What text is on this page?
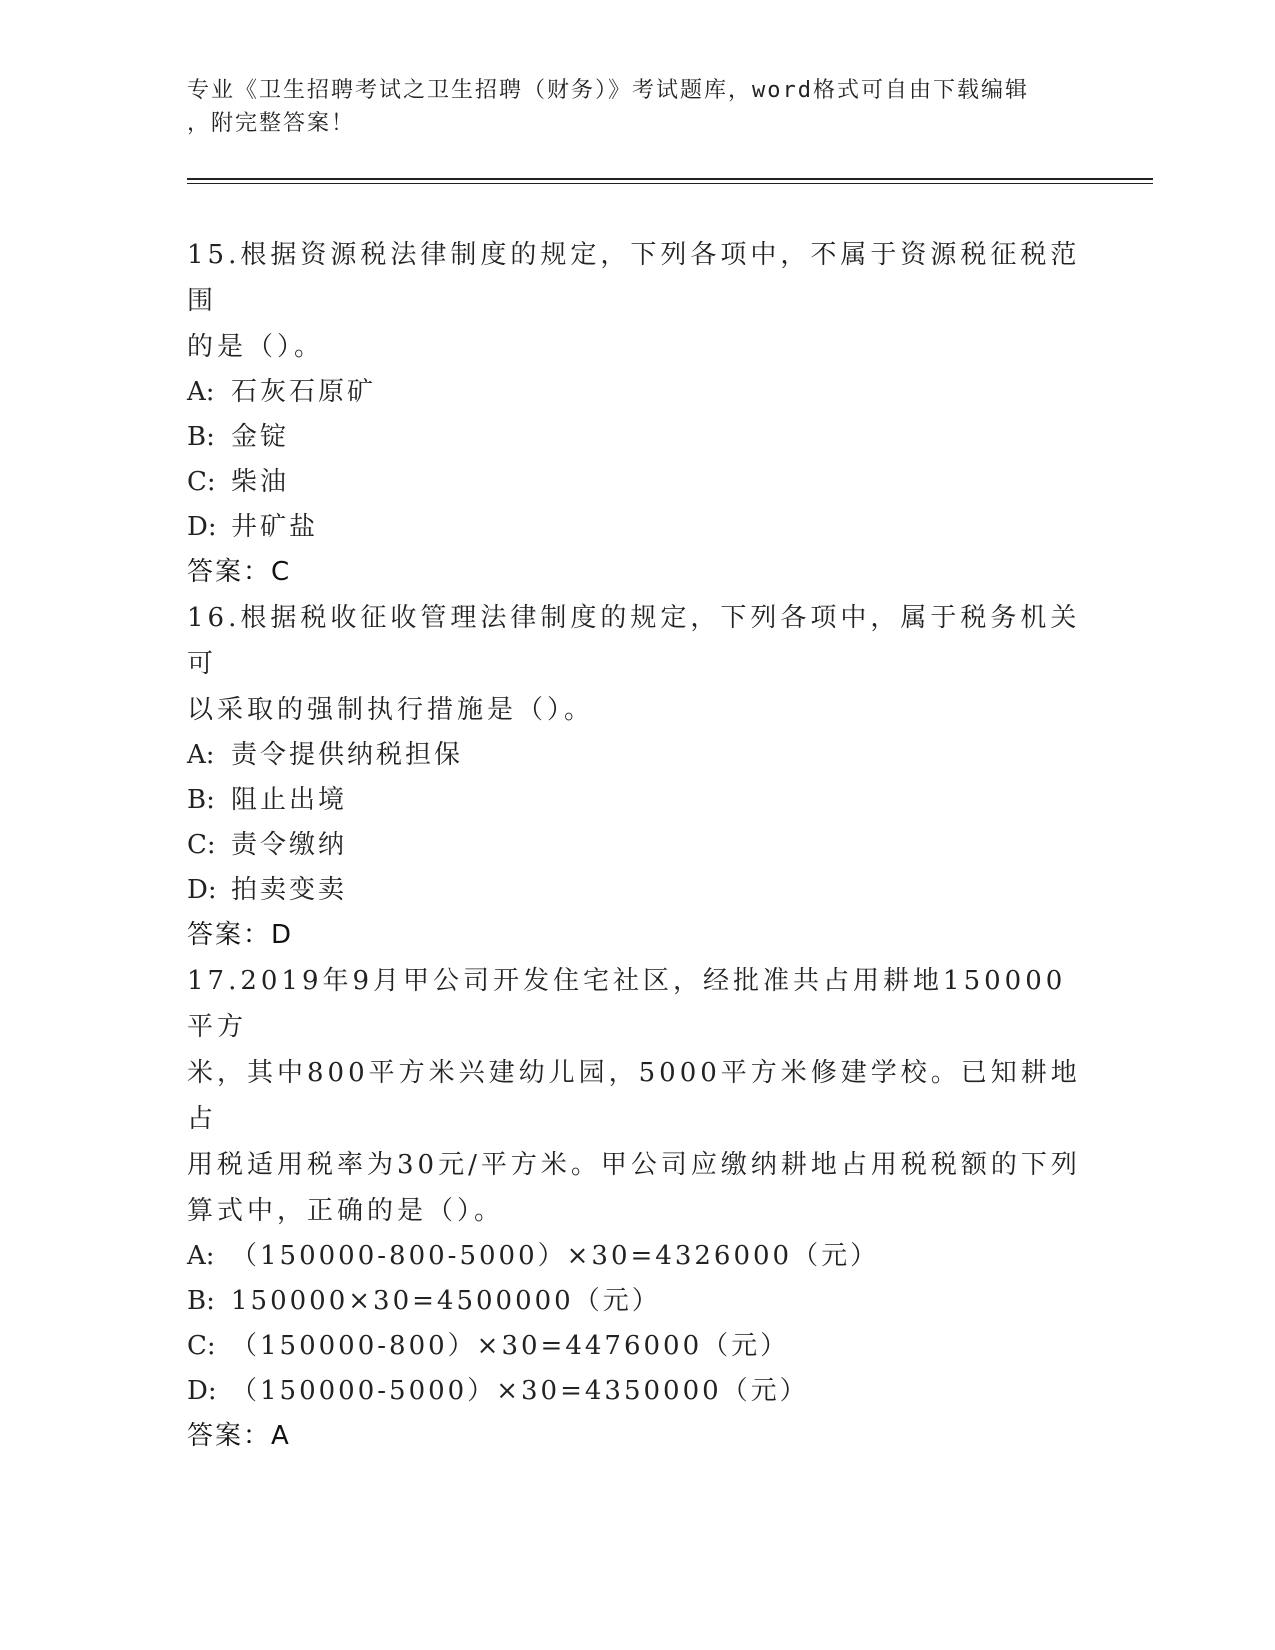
专业《卫生招聘考试之卫生招聘（财务）》考试题库，word格式可自由下载编辑
，附完整答案！

15.根据资源税法律制度的规定，下列各项中，不属于资源税征税范围

的是（）。

A: 石灰石原矿

B: 金锭

C: 柴油

D: 井矿盐

答案：C

16.根据税收征收管理法律制度的规定，下列各项中，属于税务机关可

以采取的强制执行措施是（）。

A: 责令提供纳税担保

B: 阻止出境

C: 责令缴纳

D: 拍卖变卖

答案：D

17.2019年9月甲公司开发住宅社区，经批准共占用耕地150000平方

米，其中800平方米兴建幼儿园，5000平方米修建学校。已知耕地占

用税适用税率为30元/平方米。甲公司应缴纳耕地占用税税额的下列

算式中，正确的是（）。

A: （150000-800-5000）×30=4326000（元）

B: 150000×30=4500000（元）

C: （150000-800）×30=4476000（元）

D: （150000-5000）×30=4350000（元）

答案：A
